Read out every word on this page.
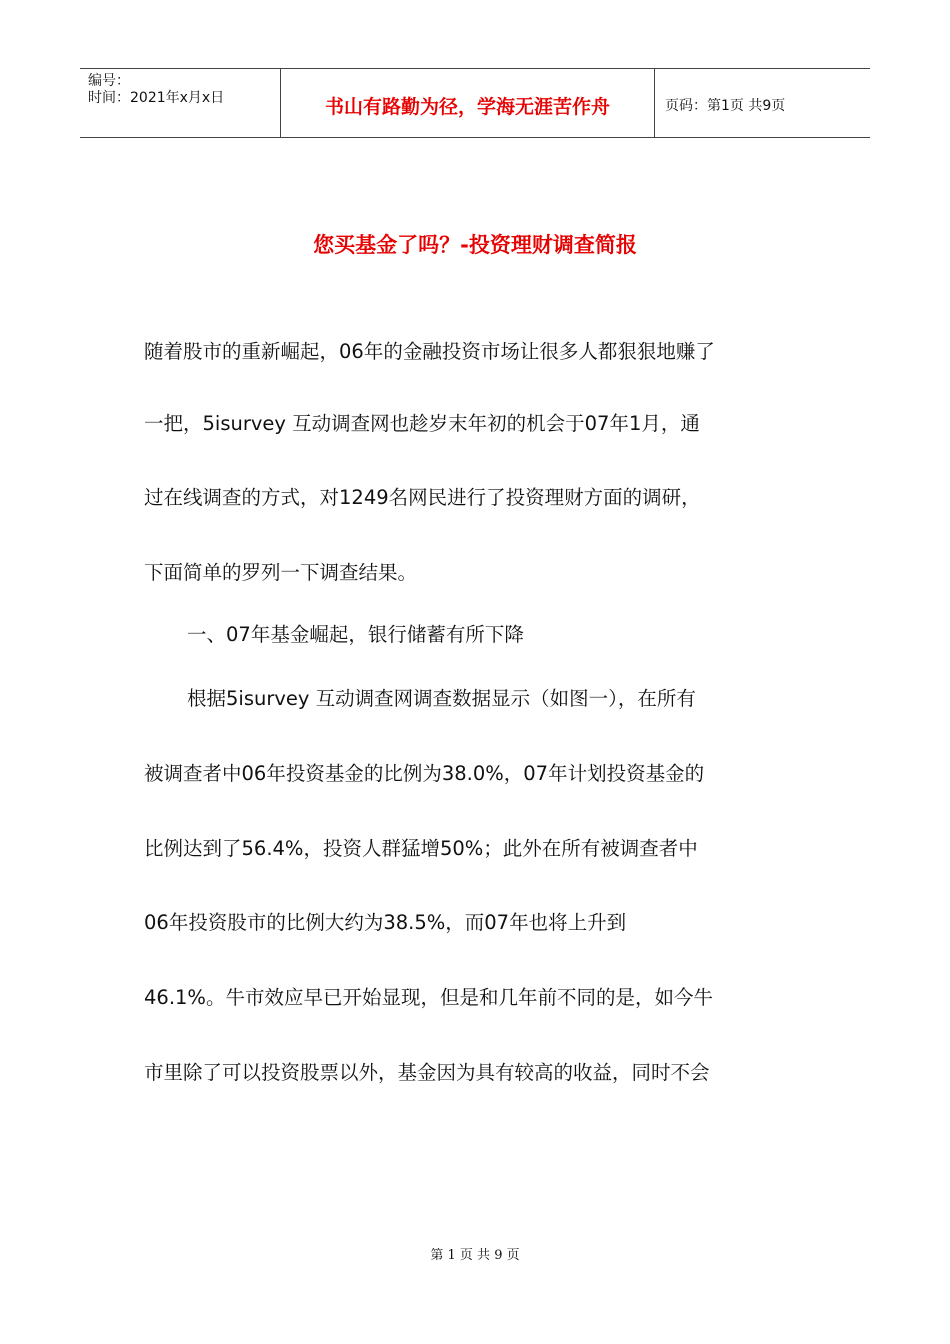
编号：
时间：2021年x月x日	书山有路勤为径，学海无涯苦作舟	页码：第1页 共9页
您买基金了吗？-投资理财调查简报

随着股市的重新崛起，06年的金融投资市场让很多人都狠狠地赚了

一把，5isurvey 互动调查网也趁岁末年初的机会于07年1月，通

过在线调查的方式，对1249名网民进行了投资理财方面的调研，

下面简单的罗列一下调查结果。

一、07年基金崛起，银行储蓄有所下降

根据5isurvey 互动调查网调查数据显示（如图一），在所有

被调查者中06年投资基金的比例为38.0%，07年计划投资基金的

比例达到了56.4%，投资人群猛增50%；此外在所有被调查者中

06年投资股市的比例大约为38.5%，而07年也将上升到

46.1%。牛市效应早已开始显现，但是和几年前不同的是，如今牛

市里除了可以投资股票以外，基金因为具有较高的收益，同时不会

第 1 页 共 9 页
